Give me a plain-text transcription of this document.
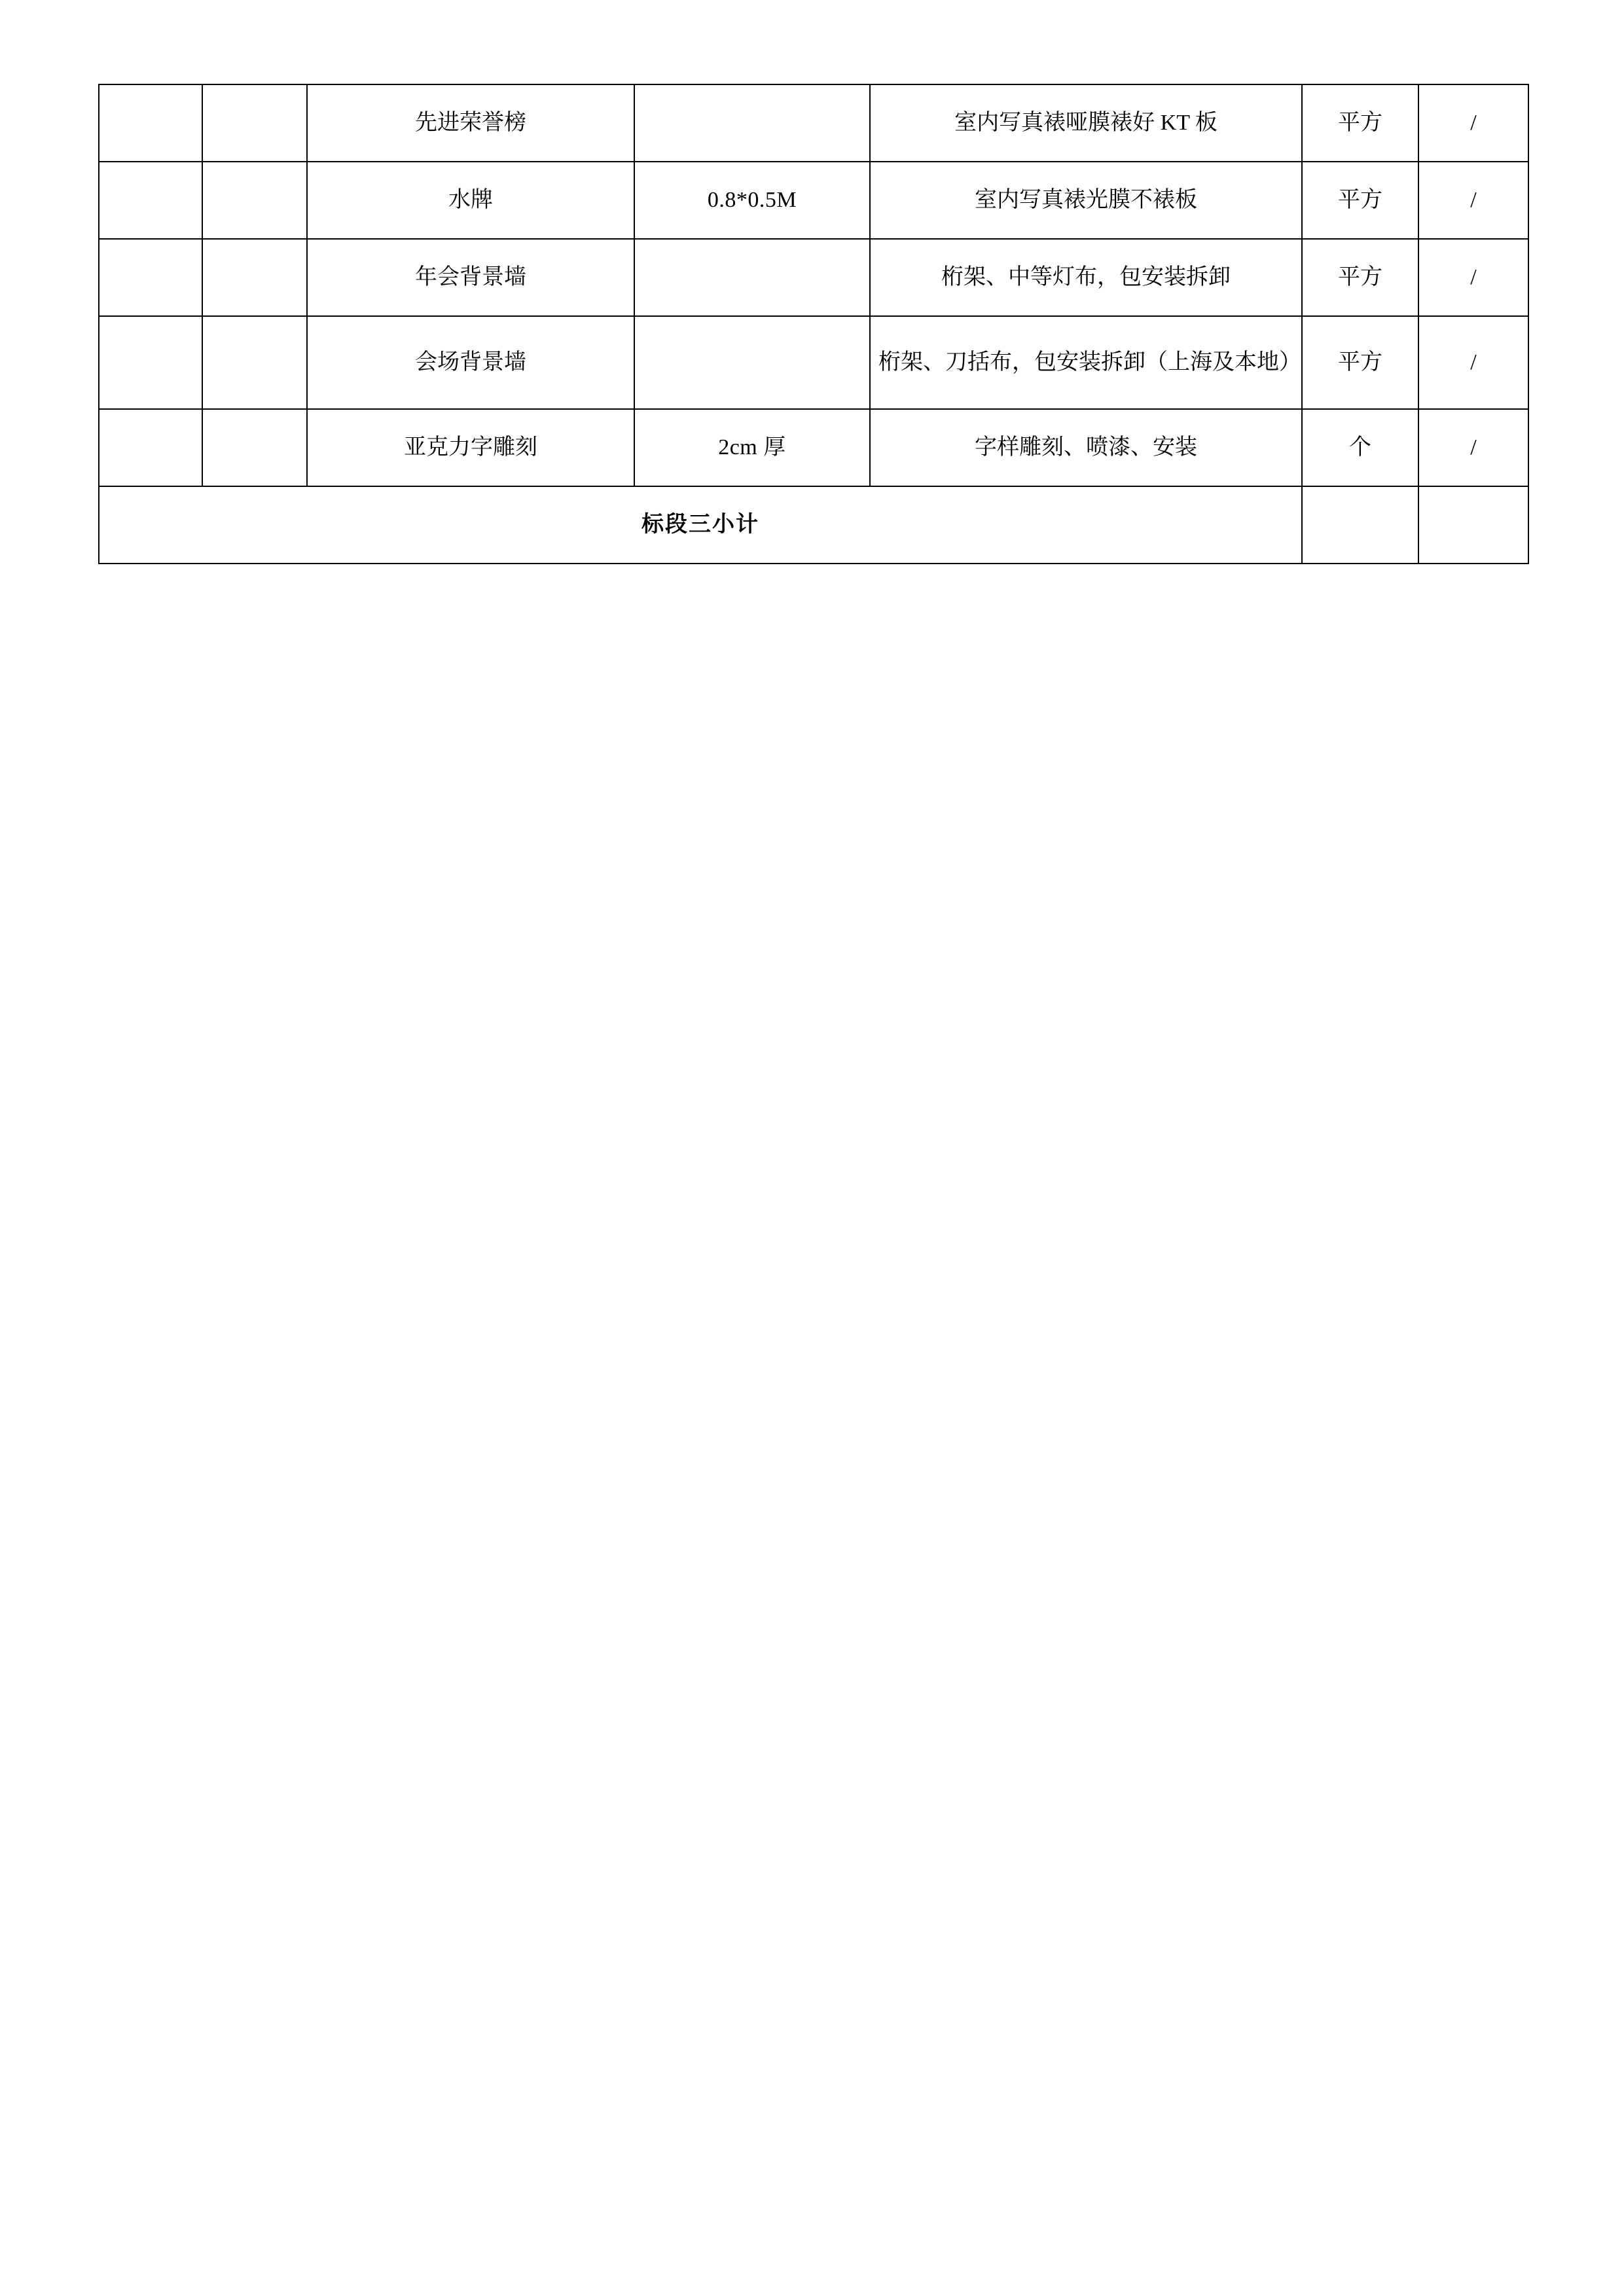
		先进荣誉榜		室内写真裱哑膜裱好 KT 板	平方	/
		水牌	0.8*0.5M	室内写真裱光膜不裱板	平方	/
		年会背景墙		桁架、中等灯布，包安装拆卸	平方	/
		会场背景墙		桁架、刀括布，包安装拆卸（上海及本地）	平方	/
		亚克力字雕刻	2cm 厚	字样雕刻、喷漆、安装	个	/
标段三小计						
